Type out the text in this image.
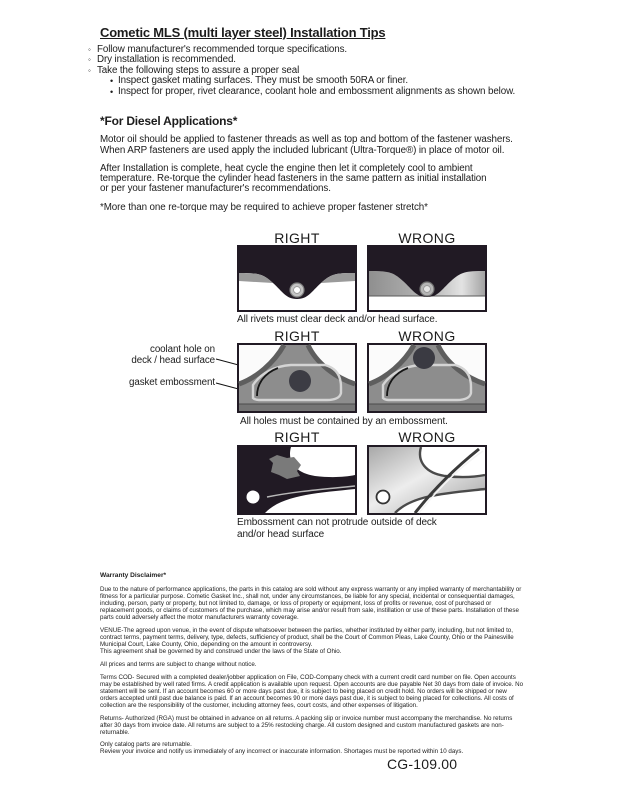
Cometic MLS (multi layer steel) Installation Tips
◦ Follow manufacturer's recommended torque specifications.
◦ Dry installation is recommended.
◦ Take the following steps to assure a proper seal
• Inspect gasket mating surfaces. They must be smooth 50RA or finer.
• Inspect for proper, rivet clearance, coolant hole and embossment alignments as shown below.
*For Diesel Applications*

Motor oil should be applied to fastener threads as well as top and bottom of the fastener washers.
When ARP fasteners are used apply the included lubricant (Ultra-Torque®) in place of motor oil.

After Installation is complete, heat cycle the engine then let it completely cool to ambient
temperature. Re-torque the cylinder head fasteners in the same pattern as initial installation
or per your fastener manufacturer's recommendations.

*More than one re-torque may be required to achieve proper fastener stretch*

RIGHT	WRONG
All rivets must clear deck and/or head surface.
RIGHT	WRONG
coolant hole on
deck / head surface
gasket embossment
All holes must be contained by an embossment.
RIGHT	WRONG
Embossment can not protrude outside of deck
and/or head surface
Warranty Disclaimer*

Due to the nature of performance applications, the parts in this catalog are sold without any express warranty or any implied warranty of merchantability or fitness for a particular purpose. Cometic Gasket Inc., shall not, under any circumstances, be liable for any special, incidental or consequential damages, including, person, party or property, but not limited to, damage, or loss of property or equipment, loss of profits or revenue, cost of purchased or replacement goods, or claims of customers of the purchase, which may arise and/or result from sale, instillation or use of these parts. Installation of these parts could adversely affect the motor manufacturers warranty coverage.

VENUE-The agreed upon venue, in the event of dispute whatsoever between the parties, whether instituted by either party, including, but not limited to, contract terms, payment terms, delivery, type, defects, sufficiency of product, shall be the Court of Common Pleas, Lake County, Ohio or the Painesville Municipal Court, Lake County, Ohio, depending on the amount in controversy.

This agreement shall be governed by and construed under the laws of the State of Ohio.

All prices and terms are subject to change without notice.

Terms COD- Secured with a completed dealer/jobber application on File, COD-Company check with a current credit card number on file. Open accounts may be established by well rated firms. A credit application is available upon request. Open accounts are due payable Net 30 days from date of invoice. No statement will be sent. If an account becomes 60 or more days past due, it is subject to being placed on credit hold. No orders will be shipped or new orders accepted until past due balance is paid. If an account becomes 90 or more days past due, it is subject to being placed for collections. All costs of collection are the responsibility of the customer, including attorney fees, court costs, and other expenses of litigation.

Returns- Authorized (RGA) must be obtained in advance on all returns. A packing slip or invoice number must accompany the merchandise. No returns after 30 days from invoice date. All returns are subject to a 25% restocking charge. All custom designed and custom manufactured gaskets are non-returnable.

Only catalog parts are returnable.

Review your invoice and notify us immediately of any incorrect or inaccurate information. Shortages must be reported within 10 days.

CG-109.00
